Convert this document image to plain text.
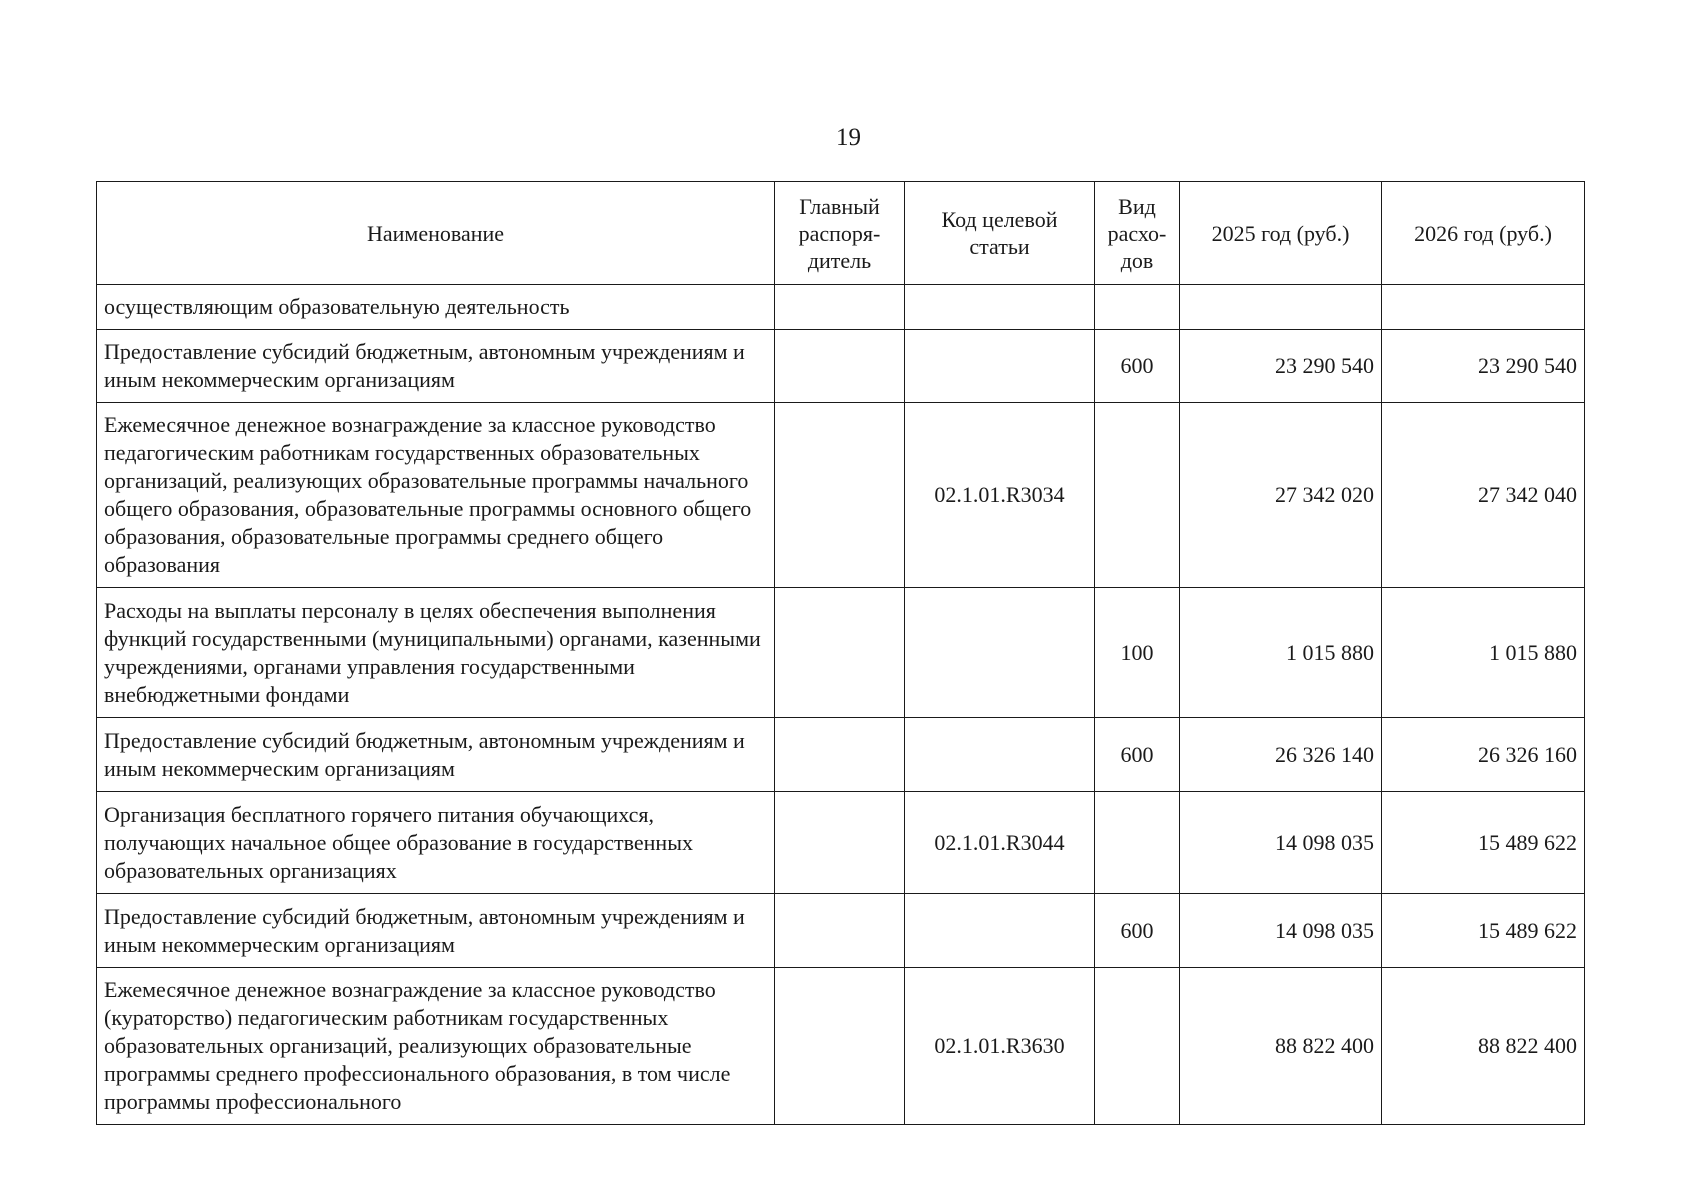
19
Наименование	Главный распоря-дитель	Код целевой статьи	Вид расхо-дов	2025 год (руб.)	2026 год (руб.)
осуществляющим образовательную деятельность					
Предоставление субсидий бюджетным, автономным учреждениям и иным некоммерческим организациям			600	23 290 540	23 290 540
Ежемесячное денежное вознаграждение за классное руководство педагогическим работникам государственных образовательных организаций, реализующих образовательные программы начального общего образования, образовательные программы основного общего образования, образовательные программы среднего общего образования		02.1.01.R3034		27 342 020	27 342 040
Расходы на выплаты персоналу в целях обеспечения выполнения функций государственными (муниципальными) органами, казенными учреждениями, органами управления государственными внебюджетными фондами			100	1 015 880	1 015 880
Предоставление субсидий бюджетным, автономным учреждениям и иным некоммерческим организациям			600	26 326 140	26 326 160
Организация бесплатного горячего питания обучающихся, получающих начальное общее образование в государственных образовательных организациях		02.1.01.R3044		14 098 035	15 489 622
Предоставление субсидий бюджетным, автономным учреждениям и иным некоммерческим организациям			600	14 098 035	15 489 622
Ежемесячное денежное вознаграждение за классное руководство (кураторство) педагогическим работникам государственных образовательных организаций, реализующих образовательные программы среднего профессионального образования, в том числе программы профессионального		02.1.01.R3630		88 822 400	88 822 400
